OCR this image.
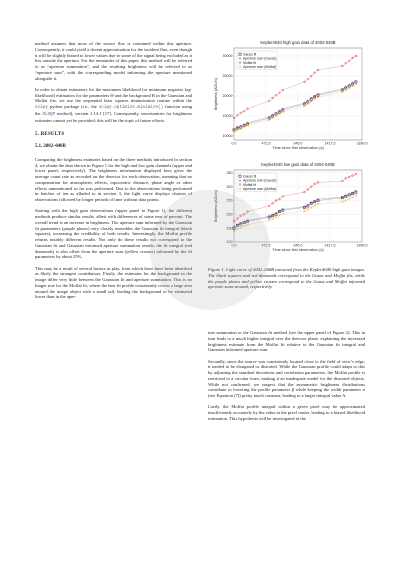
method assumes that most of the source flux is contained within this aperture. Consequently, it could yield a decent approximation for the incident flux, even though it will be slightly biased to lower values due to some of the signal being excluded as it lies outside the aperture. For the remainder of this paper, this method will be referred to as “aperture summation”, and the resulting brightness will be referred to as “aperture sum”, with the corresponding model informing the aperture mentioned alongside it.

In order to obtain estimators for the maximum likelihood (or minimum negative log-likelihood) estimators for the parameters Θ and the background B in the Gaussian and Moffat fits, we use the sequential least squares minimisation routine within the scipy python package (i.e., the scipy.optimize.minimize() function using the SLSQP method), version 1.14.1 [17]. Consequently, uncertainties for brightness estimates cannot yet be provided; this will be the topic of future efforts.

5. RESULTS
5.1. 2002–040B

Comparing the brightness estimates based on the three methods introduced in section 4, we obtain the data shown in Figure 1 for the high and low gain channels (upper and lower panel, respectively). The brightness information displayed here gives the average count rate as recorded on the detector for each observation, meaning that no compensation for atmospheric effects, topocentric distance, phase angle or other effects unmentioned so far was performed. Due to the observations being performed in batches of ten as alluded to in section 3, the light curve displays clusters of observations followed by longer periods of time without data points.

Starting with the high gain observations (upper panel in Figure 1), the different methods produce similar results, albeit with differences of some tens of percent. The overall trend is an increase in brightness. The aperture sum informed by the Gaussian fit parameters (purple pluses) very closely resembles the Gaussian fit integral (black squares), increasing the credibility of both results. Interestingly, the Moffat profile returns notably different results. Not only do these results not correspond to the Gaussian fit and Gaussian informed aperture summation results, the fit integral (red diamonds) is also offset from the aperture sum (yellow crosses) informed by the fit parameters by about 25%.

This may be a result of several factors at play, from which three have been identified as likely the strongest contributors. Firstly, the estimates for the background in the image differ very little between the Gaussian fit and aperture summation. This is no longer true for the Moffat fit, where the best fit profile consistently covers a large area around the image object with a small tail, leading the background to be estimated lower than in the aper-

Kepler4040 high gain data of 2002-040B
10000
15000
20000
25000
30000
0.0	472.5	945.0	1417.5	1890.0
Time since first observation [s]
Brightness [ADU/s]
Gauss fit
Aperture sum (Gauss)
Moffat fit
Aperture sum (Moffat)
Kepler4040 low gain data of 2002-040B
100
150
200
250
300
350
0.0	472.5	945.0	1417.5	1890.0
Time since first observation [s]
Brightness [ADU/s]
Gauss fit
Aperture sum (Gauss)
Moffat fit
Aperture sum (Moffat)
Figure 1. Light curve of 2002–040B extracted from the Kepler4040 high gain images. The black squares and red diamonds correspond to the Gauss and Moffat fits, while the purple pluses and yellow crosses correspond to the Gauss and Moffat informed aperture sums around, respectively.

ture summation or the Gaussian fit method (see the upper panel of Figure 2). This in turn leads to a much higher integral over the detector plane, explaining the increased brightness estimate from the Moffat fit relative to the Gaussian fit integral and Gaussian informed aperture sum.

Secondly, since the source was consistently located close to the field of view’s edge, it tended to be elongated or distorted. While the Gaussian profile could adapt to this by adjusting the standard deviations and correlation parameters, the Moffat profile is restricted to a circular form, making it an inadequate model for the distorted objects. While not confirmed, we suspect that the asymmetric brightness distributions contribute to lowering the profile parameter β while keeping the width parameter α (see Equation (7)) pretty much constant, leading to a larger integral value A.

Lastly, the Moffat profile integral within a given pixel may be approximated insufficiently accurately by the value at the pixel center, leading to a biased likelihood estimation. This hypothesis will be investigated in the
